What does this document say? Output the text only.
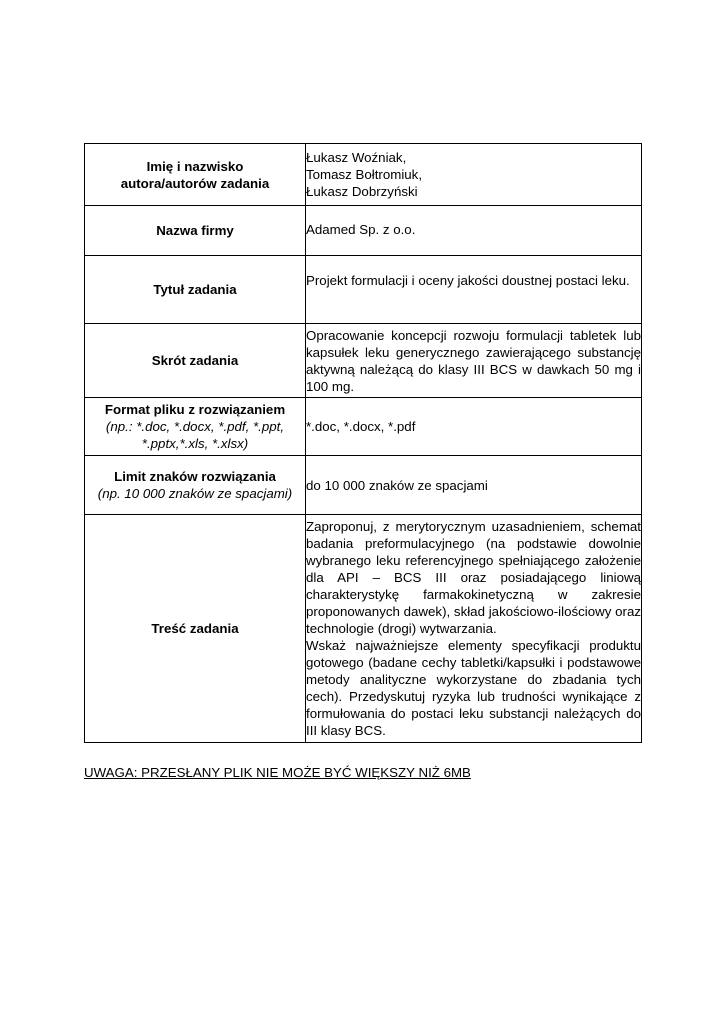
Imię i nazwisko
autora/autorów zadania	Łukasz Woźniak,
Tomasz Bołtromiuk,
Łukasz Dobrzyński

Nazwa firmy	Adamed Sp. z o.o.
Tytuł zadania	Projekt formulacji i oceny jakości doustnej postaci leku.
Skrót zadania	Opracowanie koncepcji rozwoju formulacji tabletek lub kapsułek leku generycznego zawierającego substancję aktywną należącą do klasy III BCS w dawkach 50 mg i 100 mg.

Format pliku z rozwiązaniem
(np.: *.doc, *.docx, *.pdf, *.ppt, *.pptx,*.xls, *.xlsx)	*.doc, *.docx, *.pdf

Limit znaków rozwiązania
(np. 10 000 znaków ze spacjami)	do 10 000 znaków ze spacjami
Treść zadania	Zaproponuj, z merytorycznym uzasadnieniem, schemat badania preformulacyjnego (na podstawie dowolnie wybranego leku referencyjnego spełniającego założenie dla API – BCS III oraz posiadającego liniową charakterystykę farmakokinetyczną w zakresie proponowanych dawek), skład jakościowo-ilościowy oraz technologie (drogi) wytwarzania.
Wskaż najważniejsze elementy specyfikacji produktu gotowego (badane cechy tabletki/kapsułki i podstawowe metody analityczne wykorzystane do zbadania tych cech). Przedyskutuj ryzyka lub trudności wynikające z formułowania do postaci leku substancji należących do III klasy BCS.
UWAGA: PRZESŁANY PLIK NIE MOŻE BYĆ WIĘKSZY NIŻ 6MB
